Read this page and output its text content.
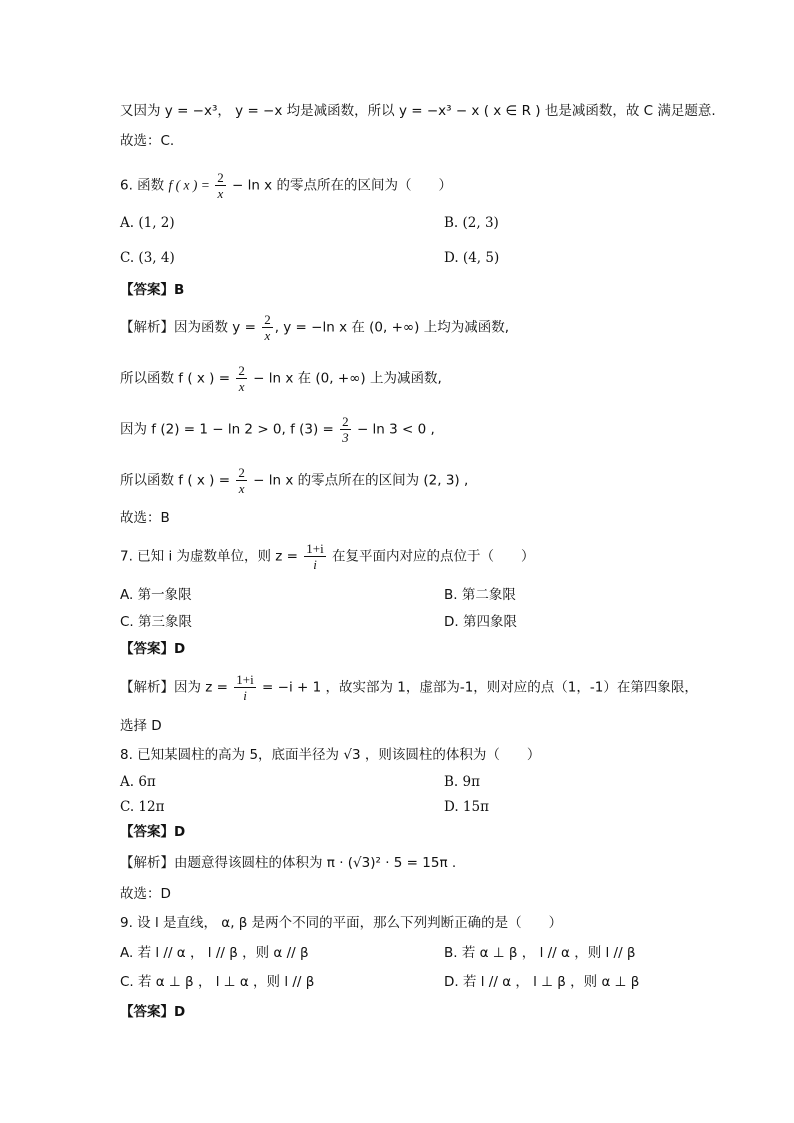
又因为 y = −x³， y = −x 均是减函数，所以 y = −x³ − x ( x ∈ R ) 也是减函数，故 C 满足题意.
故选：C.
6. 函数 f ( x ) = $\frac{2}{x} - \ln x$ 的零点所在的区间为（　　）
A. (1, 2)	B. (2, 3)
C. (3, 4)	D. (4, 5)
【答案】B
【解析】因为函数 $y = \frac{2}{x}$ , y = −ln x 在 (0, +∞) 上均为减函数,
所以函数 f ( x ) = $\frac{2}{x} - \ln x$ 在 (0, +∞) 上为减函数,
因为 f (2) = 1 − ln 2 > 0, f $(3) = \frac{2}{3} - \ln 3 < 0$ ,
所以函数 f ( x ) = $\frac{2}{x} - \ln x$ 的零点所在的区间为 (2, 3) ,
故选：B
7. 已知 i 为虚数单位，则 $z = \frac{1+i}{i}$ 在复平面内对应的点位于（　　）
A. 第一象限	B. 第二象限
C. 第三象限	D. 第四象限
【答案】D
【解析】因为 $z = \frac{1+i}{i} = -i + 1$ ，故实部为 1，虚部为-1，则对应的点（1，-1）在第四象限，
选择 D
8. 已知某圆柱的高为 5，底面半径为 √3 ，则该圆柱的体积为（　　）
A. 6π	B. 9π
C. 12π	D. 15π
【答案】D
【解析】由题意得该圆柱的体积为 π · (√3)² · 5 = 15π .
故选：D
9. 设 l 是直线， α, β 是两个不同的平面，那么下列判断正确的是（　　）
A. 若 l // α ， l // β ，则 α // β	B. 若 α ⊥ β ， l // α ，则 l // β
C. 若 α ⊥ β ， l ⊥ α ，则 l // β	D. 若 l // α ， l ⊥ β ，则 α ⊥ β
【答案】D
